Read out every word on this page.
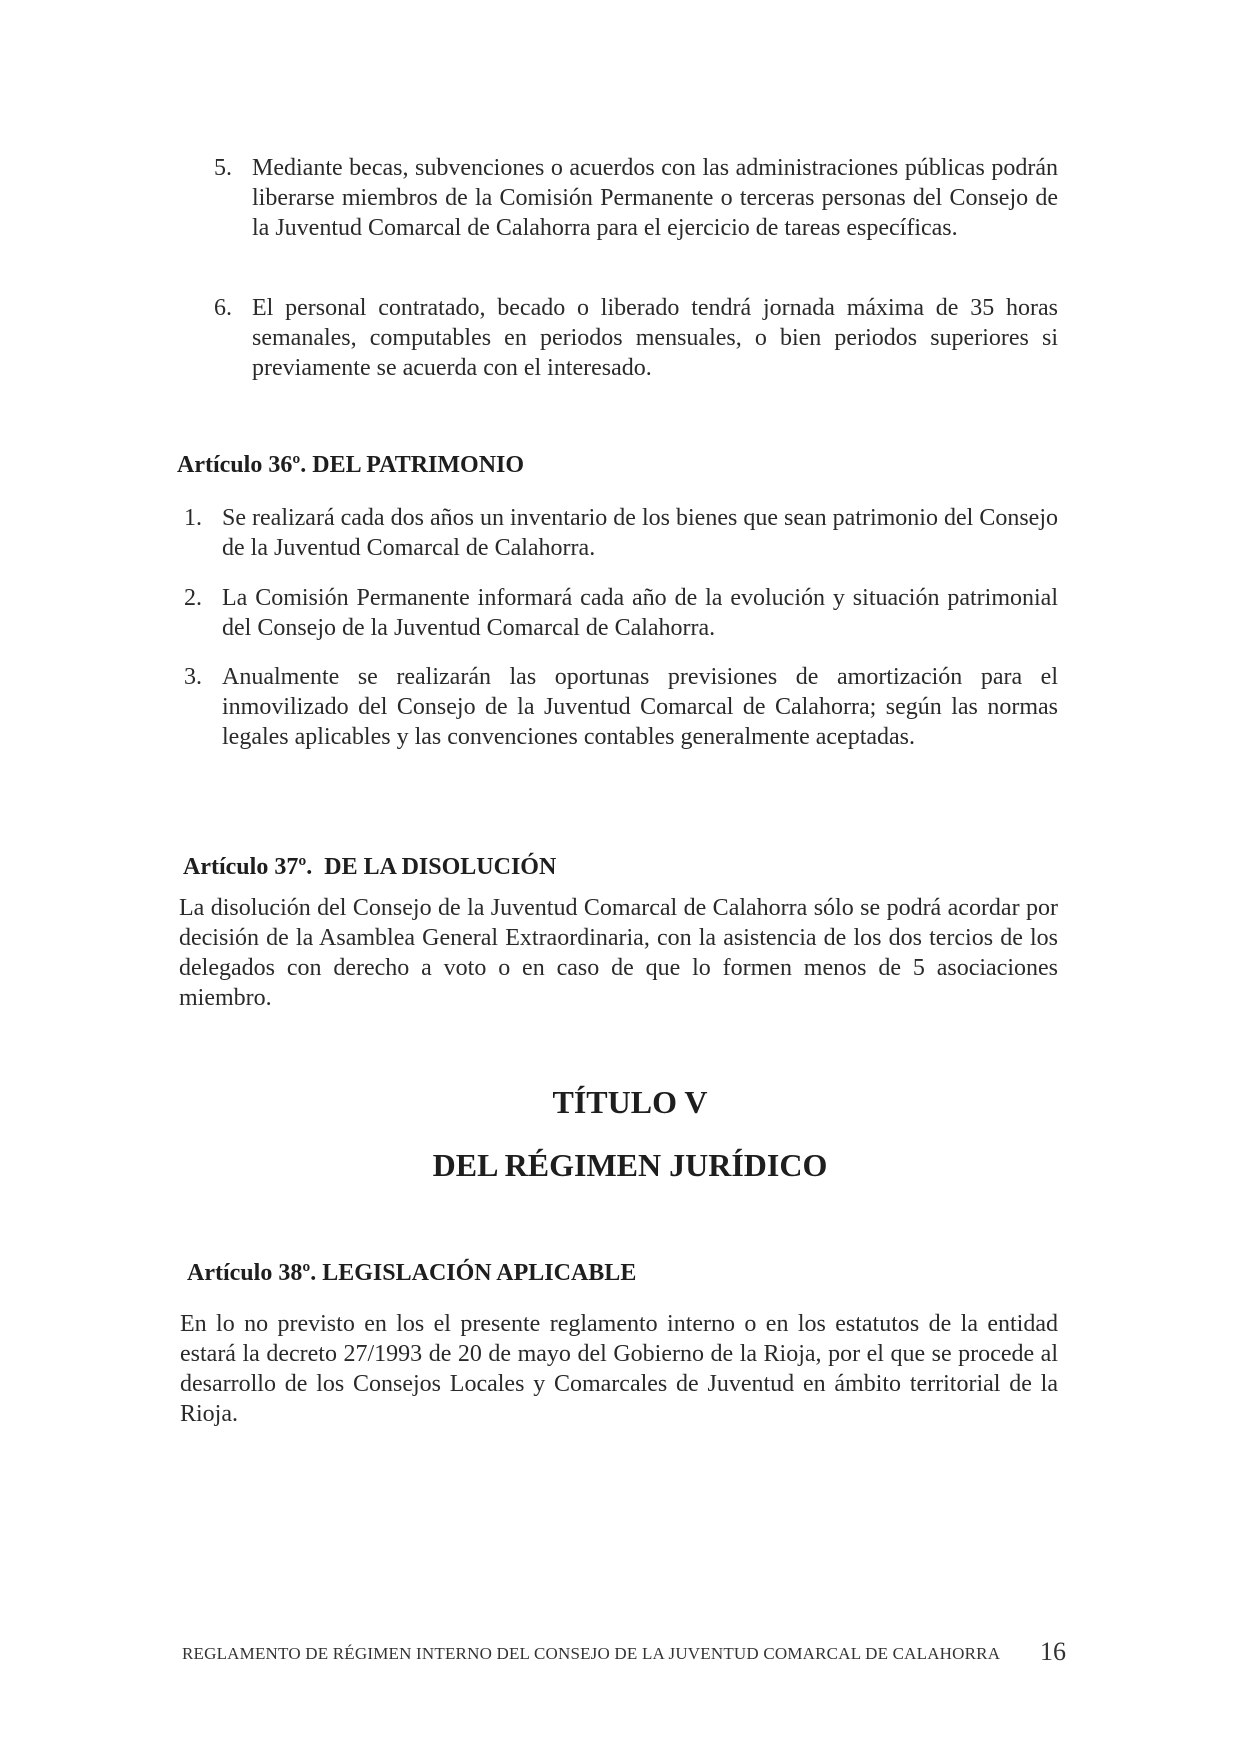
5. Mediante becas, subvenciones o acuerdos con las administraciones públicas podrán liberarse miembros de la Comisión Permanente o terceras personas del Consejo de la Juventud Comarcal de Calahorra para el ejercicio de tareas específicas.
6. El personal contratado, becado o liberado tendrá jornada máxima de 35 horas semanales, computables en periodos mensuales, o bien periodos superiores si previamente se acuerda con el interesado.
Artículo 36º. DEL PATRIMONIO
1. Se realizará cada dos años un inventario de los bienes que sean patrimonio del Consejo de la Juventud Comarcal de Calahorra.
2. La Comisión Permanente informará cada año de la evolución y situación patrimonial del Consejo de la Juventud Comarcal de Calahorra.
3. Anualmente se realizarán las oportunas previsiones de amortización para el inmovilizado del Consejo de la Juventud Comarcal de Calahorra; según las normas legales aplicables y las convenciones contables generalmente aceptadas.
Artículo 37º.  DE LA DISOLUCIÓN
La disolución del Consejo de la Juventud Comarcal de Calahorra sólo se podrá acordar por decisión de la Asamblea General Extraordinaria, con la asistencia de los dos tercios de los delegados con derecho a voto o en caso de que lo formen menos de 5 asociaciones miembro.
TÍTULO V
DEL RÉGIMEN JURÍDICO
Artículo 38º. LEGISLACIÓN APLICABLE
En lo no previsto en los el presente reglamento interno o en los estatutos de la entidad estará la decreto 27/1993 de 20 de mayo del Gobierno de la Rioja, por el que se procede al desarrollo de los Consejos Locales y Comarcales de Juventud en ámbito territorial de la Rioja.
REGLAMENTO DE RÉGIMEN INTERNO DEL CONSEJO DE LA JUVENTUD COMARCAL DE CALAHORRA 16
